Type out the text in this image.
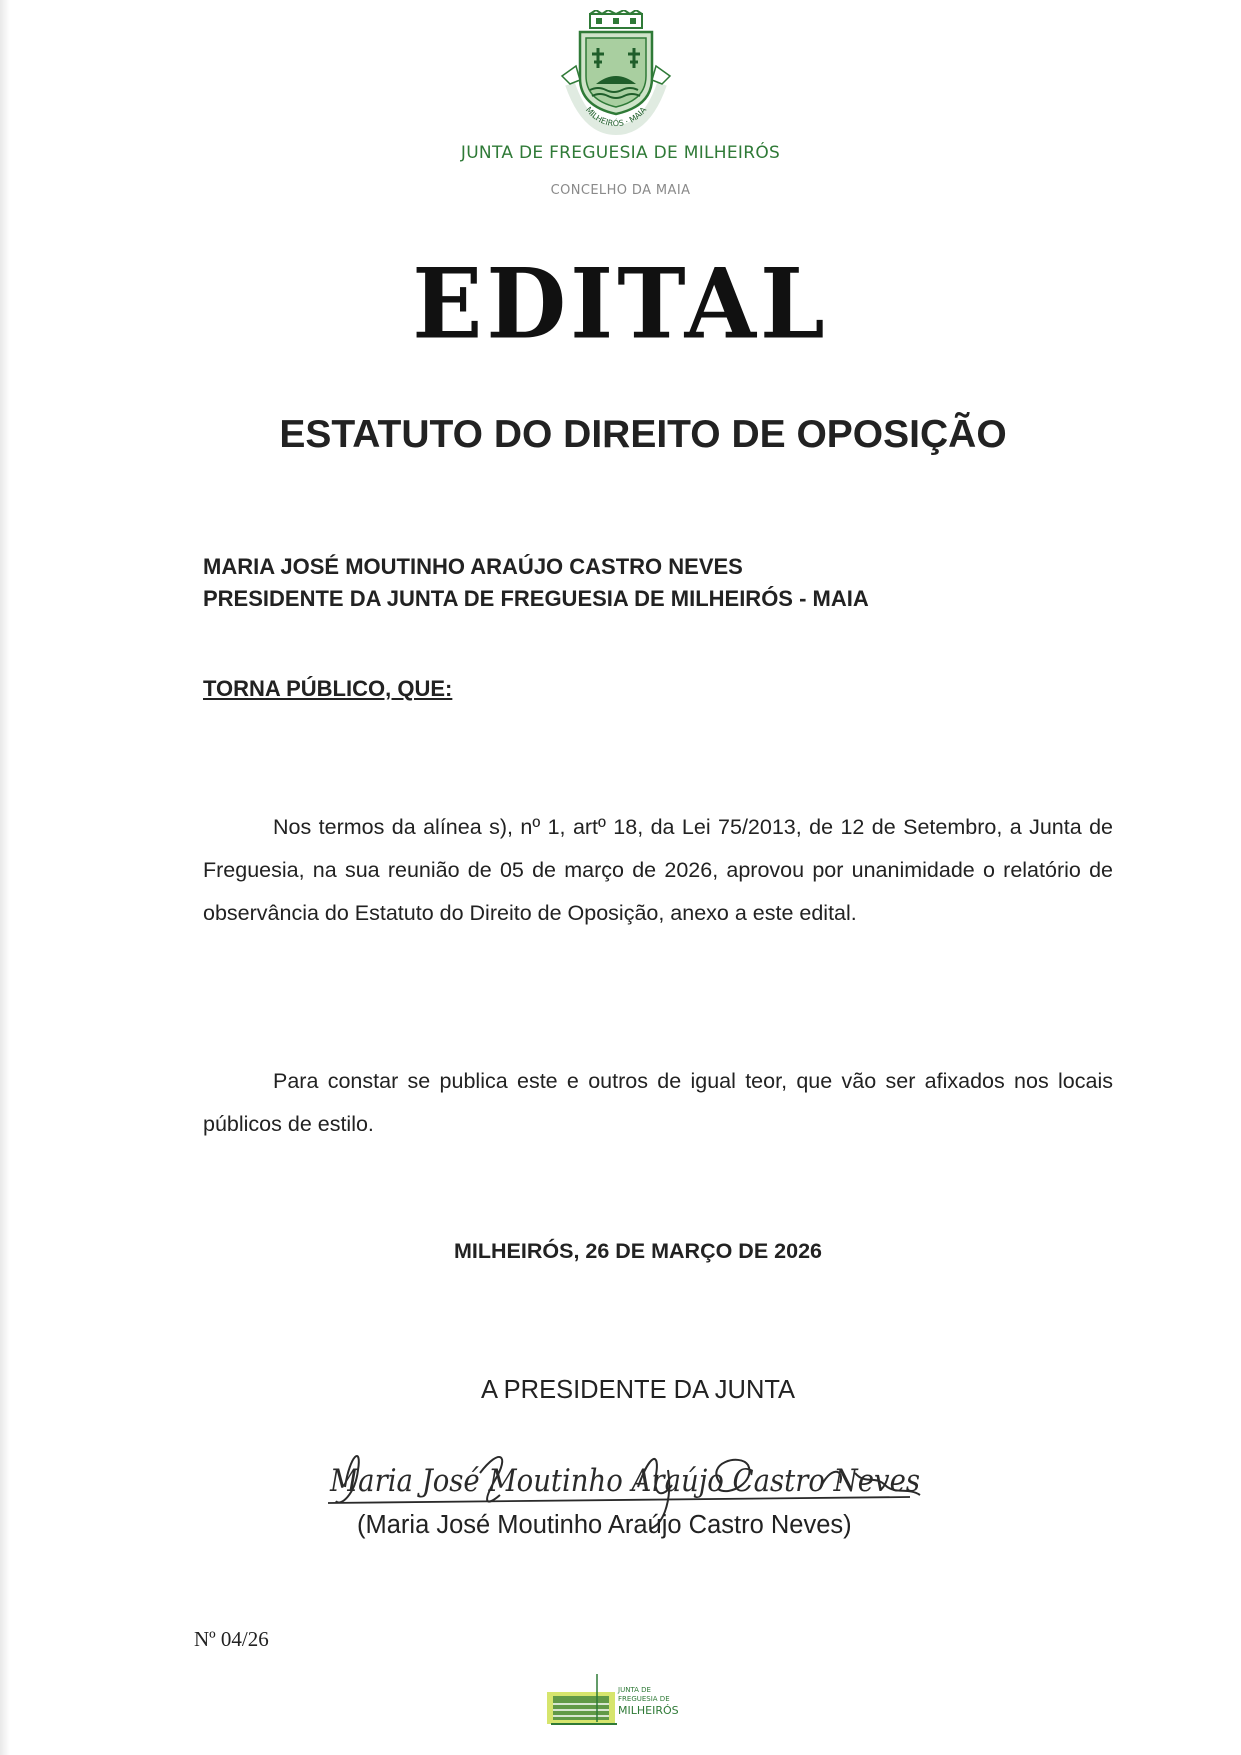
MILHEIRÓS · MAIA
JUNTA DE FREGUESIA DE MILHEIRÓS
CONCELHO DA MAIA
EDITAL
ESTATUTO DO DIREITO DE OPOSIÇÃO
MARIA JOSÉ MOUTINHO ARAÚJO CASTRO NEVES
PRESIDENTE DA JUNTA DE FREGUESIA DE MILHEIRÓS - MAIA
TORNA PÚBLICO, QUE:
Nos termos da alínea s), nº 1, artº 18, da Lei 75/2013, de 12 de Setembro, a Junta de Freguesia, na sua reunião de 05 de março de 2026, aprovou por unanimidade o relatório de observância do Estatuto do Direito de Oposição, anexo a este edital.
Para constar se publica este e outros de igual teor, que vão ser afixados nos locais públicos de estilo.
MILHEIRÓS, 26 DE MARÇO DE 2026
A PRESIDENTE DA JUNTA
Maria José Moutinho Araújo Castro Neves
(Maria José Moutinho Araújo Castro Neves)
Nº 04/26
JUNTA DE
FREGUESIA DE
MILHEIRÓS
